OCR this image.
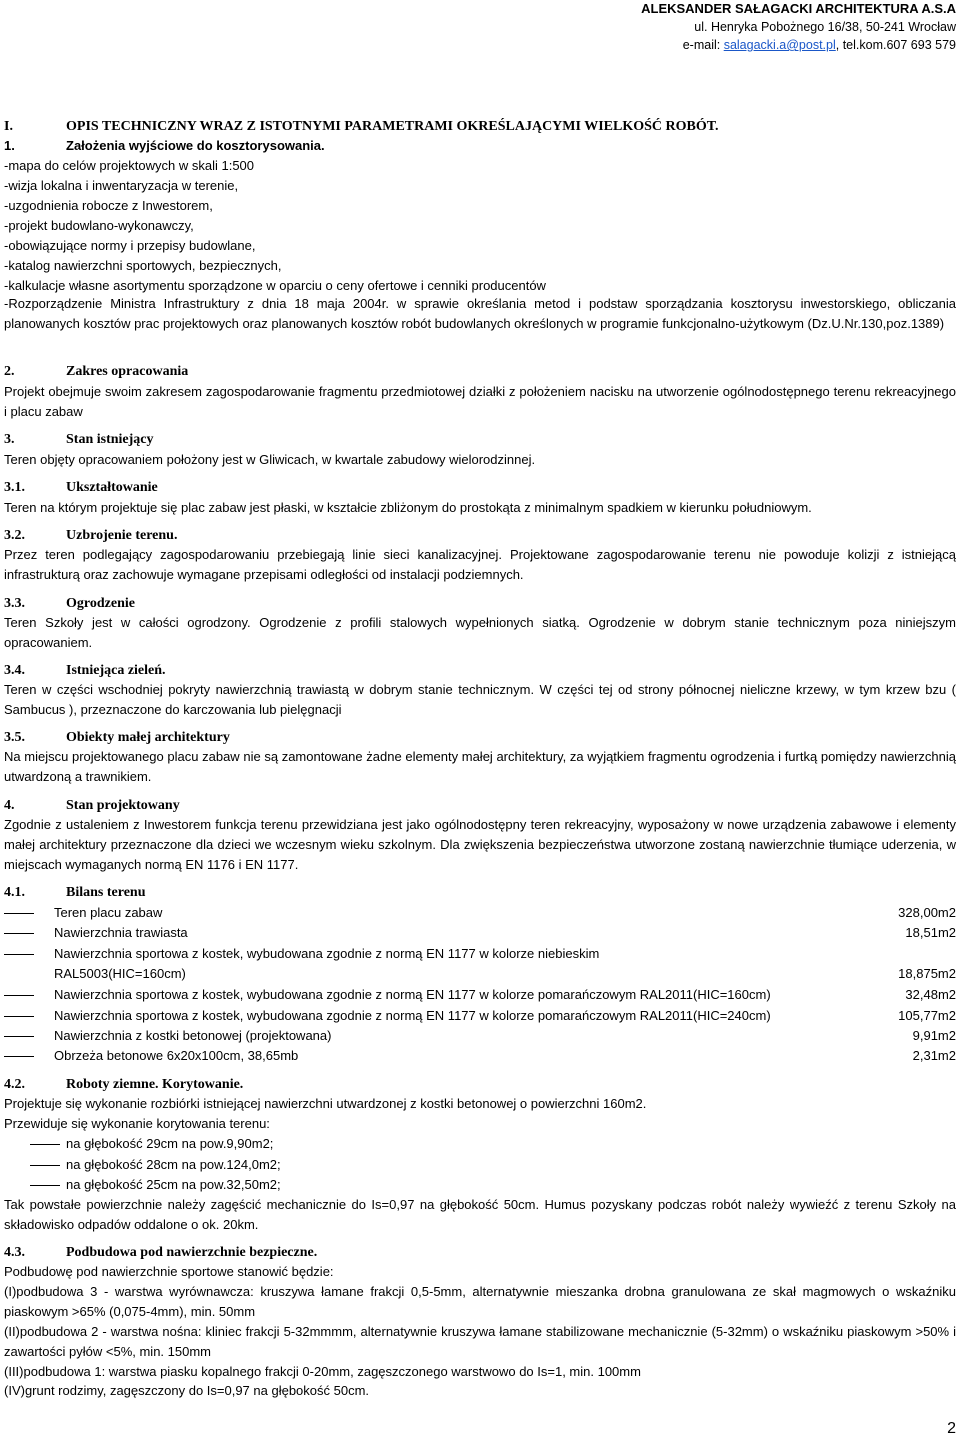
ALEKSANDER SAŁAGACKI ARCHITEKTURA A.S.A
ul. Henryka Pobożnego 16/38, 50-241 Wrocław
e-mail: salagacki.a@post.pl, tel.kom.607 693 579
I.	OPIS TECHNICZNY WRAZ Z ISTOTNYMI PARAMETRAMI OKREŚLAJĄCYMI WIELKOŚĆ ROBÓT.
1.	Założenia wyjściowe do kosztorysowania.
-mapa do celów projektowych w skali 1:500
-wizja lokalna i inwentaryzacja w terenie,
-uzgodnienia robocze z Inwestorem,
-projekt budowlano-wykonawczy,
-obowiązujące normy i przepisy budowlane,
-katalog nawierzchni sportowych, bezpiecznych,
-kalkulacje własne asortymentu sporządzone w oparciu o ceny ofertowe i cenniki producentów

-Rozporządzenie Ministra Infrastruktury z dnia 18 maja 2004r. w sprawie określania metod i podstaw sporządzania kosztorysu inwestorskiego, obliczania planowanych kosztów prac projektowych oraz planowanych kosztów robót budowlanych określonych w programie funkcjonalno-użytkowym (Dz.U.Nr.130,poz.1389)

2.	Zakres opracowania

Projekt obejmuje swoim zakresem zagospodarowanie fragmentu przedmiotowej działki z położeniem nacisku na utworzenie ogólnodostępnego terenu rekreacyjnego i placu zabaw

3.	Stan istniejący

Teren objęty opracowaniem położony jest w Gliwicach, w kwartale zabudowy wielorodzinnej.

3.1.	Ukształtowanie

Teren na którym projektuje się plac zabaw jest płaski, w kształcie zbliżonym do prostokąta z minimalnym spadkiem w kierunku południowym.

3.2.	Uzbrojenie terenu.

Przez teren podlegający zagospodarowaniu przebiegają linie sieci kanalizacyjnej. Projektowane zagospodarowanie terenu nie powoduje kolizji z istniejącą infrastrukturą oraz zachowuje wymagane przepisami odległości od instalacji podziemnych.

3.3.	Ogrodzenie

Teren Szkoły jest w całości ogrodzony. Ogrodzenie z profili stalowych wypełnionych siatką. Ogrodzenie w dobrym stanie technicznym poza niniejszym opracowaniem.

3.4.	Istniejąca zieleń.

Teren w części wschodniej pokryty nawierzchnią trawiastą w dobrym stanie technicznym. W części tej od strony północnej nieliczne krzewy, w tym krzew bzu ( Sambucus ), przeznaczone do karczowania lub pielęgnacji

3.5.	Obiekty małej architektury

Na miejscu projektowanego placu zabaw nie są zamontowane żadne elementy małej architektury, za wyjątkiem fragmentu ogrodzenia i furtką pomiędzy nawierzchnią utwardzoną a trawnikiem.

4.	Stan projektowany

Zgodnie z ustaleniem z Inwestorem funkcja terenu przewidziana jest jako ogólnodostępny teren rekreacyjny, wyposażony w nowe urządzenia zabawowe i elementy małej architektury przeznaczone dla dzieci we wczesnym wieku szkolnym. Dla zwiększenia bezpieczeństwa utworzone zostaną nawierzchnie tłumiące uderzenia, w miejscach wymaganych normą EN 1176 i EN 1177.

4.1.	Bilans terenu
Teren placu zabaw	328,00m2
Nawierzchnia trawiasta	18,51m2
Nawierzchnia sportowa z kostek, wybudowana zgodnie z normą EN 1177 w kolorze niebieskim
RAL5003(HIC=160cm)	18,875m2
Nawierzchnia sportowa z kostek, wybudowana zgodnie z normą EN 1177 w kolorze pomarańczowym RAL2011(HIC=160cm)	32,48m2
Nawierzchnia sportowa z kostek, wybudowana zgodnie z normą EN 1177 w kolorze pomarańczowym RAL2011(HIC=240cm)	105,77m2
Nawierzchnia z kostki betonowej (projektowana)	9,91m2
Obrzeża betonowe 6x20x100cm, 38,65mb	2,31m2
4.2.	Roboty ziemne. Korytowanie.
Projektuje się wykonanie rozbiórki istniejącej nawierzchni utwardzonej z kostki betonowej o powierzchni 160m2.
Przewiduje się wykonanie korytowania terenu:
na głębokość 29cm na pow.9,90m2;
na głębokość 28cm na pow.124,0m2;
na głębokość 25cm na pow.32,50m2;

Tak powstałe powierzchnie należy zagęścić mechanicznie do Is=0,97 na głębokość 50cm. Humus pozyskany podczas robót należy wywieźć z terenu Szkoły na składowisko odpadów oddalone o ok. 20km.

4.3.	Podbudowa pod nawierzchnie bezpieczne.
Podbudowę pod nawierzchnie sportowe stanowić będzie:

(I)podbudowa 3 - warstwa wyrównawcza: kruszywa łamane frakcji 0,5-5mm, alternatywnie mieszanka drobna granulowana ze skał magmowych o wskaźniku piaskowym >65% (0,075-4mm), min. 50mm

(II)podbudowa 2 - warstwa nośna: kliniec frakcji 5-32mmmm, alternatywnie kruszywa łamane stabilizowane mechanicznie (5-32mm) o wskaźniku piaskowym >50% i zawartości pyłów <5%, min. 150mm

(III)podbudowa 1: warstwa piasku kopalnego frakcji 0-20mm, zagęszczonego warstwowo do Is=1, min. 100mm
(IV)grunt rodzimy, zagęszczony do Is=0,97 na głębokość 50cm.
2
